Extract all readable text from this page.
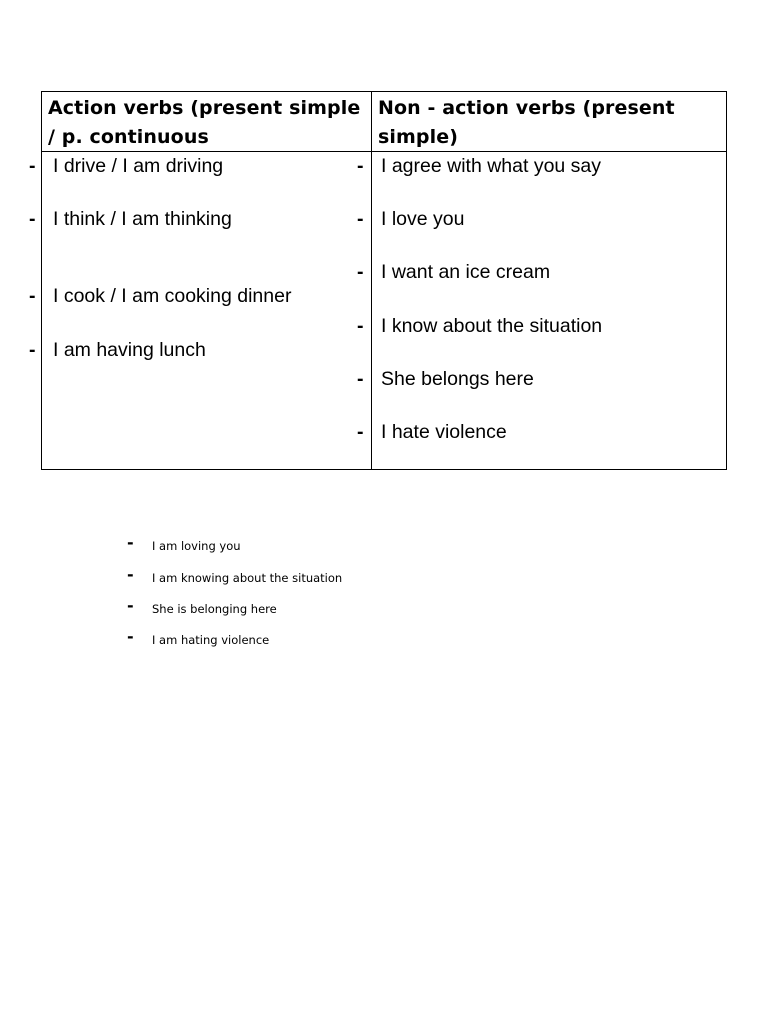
Action verbs (present simple / p. continuous
Non - action verbs (present simple)
- I drive / I am driving
- I think / I am thinking
- I cook / I am cooking dinner
- I am having lunch
- I agree with what you say
- I love you
- I want an ice cream
- I know about the situation
- She belongs here
- I hate violence
- I am loving you
- I am knowing about the situation
- She is belonging here
- I am hating violence
